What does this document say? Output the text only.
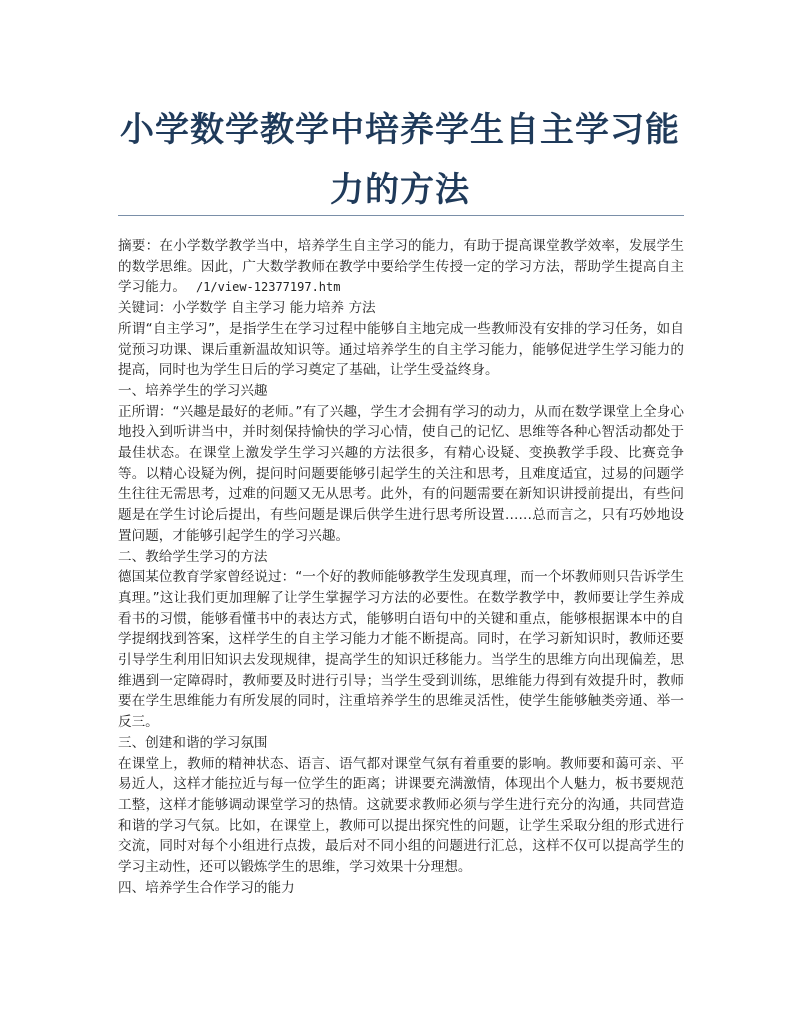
小学数学教学中培养学生自主学习能力的方法

摘要：在小学数学教学当中，培养学生自主学习的能力，有助于提高课堂教学效率，发展学生的数学思维。因此，广大数学教师在教学中要给学生传授一定的学习方法，帮助学生提高自主学习能力。 /1/view-12377197.htm

关键词：小学数学 自主学习 能力培养 方法

所谓“自主学习”，是指学生在学习过程中能够自主地完成一些教师没有安排的学习任务，如自觉预习功课、课后重新温故知识等。通过培养学生的自主学习能力，能够促进学生学习能力的提高，同时也为学生日后的学习奠定了基础，让学生受益终身。

一、培养学生的学习兴趣

正所谓：“兴趣是最好的老师。”有了兴趣，学生才会拥有学习的动力，从而在数学课堂上全身心地投入到听讲当中，并时刻保持愉快的学习心情，使自己的记忆、思维等各种心智活动都处于最佳状态。在课堂上激发学生学习兴趣的方法很多，有精心设疑、变换教学手段、比赛竞争等。以精心设疑为例，提问时问题要能够引起学生的关注和思考，且难度适宜，过易的问题学生往往无需思考，过难的问题又无从思考。此外，有的问题需要在新知识讲授前提出，有些问题是在学生讨论后提出，有些问题是课后供学生进行思考所设置……总而言之，只有巧妙地设置问题，才能够引起学生的学习兴趣。

二、教给学生学习的方法

德国某位教育学家曾经说过：“一个好的教师能够教学生发现真理，而一个坏教师则只告诉学生真理。”这让我们更加理解了让学生掌握学习方法的必要性。在数学教学中，教师要让学生养成看书的习惯，能够看懂书中的表达方式，能够明白语句中的关键和重点，能够根据课本中的自学提纲找到答案，这样学生的自主学习能力才能不断提高。同时，在学习新知识时，教师还要引导学生利用旧知识去发现规律，提高学生的知识迁移能力。当学生的思维方向出现偏差，思维遇到一定障碍时，教师要及时进行引导；当学生受到训练，思维能力得到有效提升时，教师要在学生思维能力有所发展的同时，注重培养学生的思维灵活性，使学生能够触类旁通、举一反三。

三、创建和谐的学习氛围

在课堂上，教师的精神状态、语言、语气都对课堂气氛有着重要的影响。教师要和蔼可亲、平易近人，这样才能拉近与每一位学生的距离；讲课要充满激情，体现出个人魅力，板书要规范工整，这样才能够调动课堂学习的热情。这就要求教师必须与学生进行充分的沟通，共同营造和谐的学习气氛。比如，在课堂上，教师可以提出探究性的问题，让学生采取分组的形式进行交流，同时对每个小组进行点拨，最后对不同小组的问题进行汇总，这样不仅可以提高学生的学习主动性，还可以锻炼学生的思维，学习效果十分理想。

四、培养学生合作学习的能力
